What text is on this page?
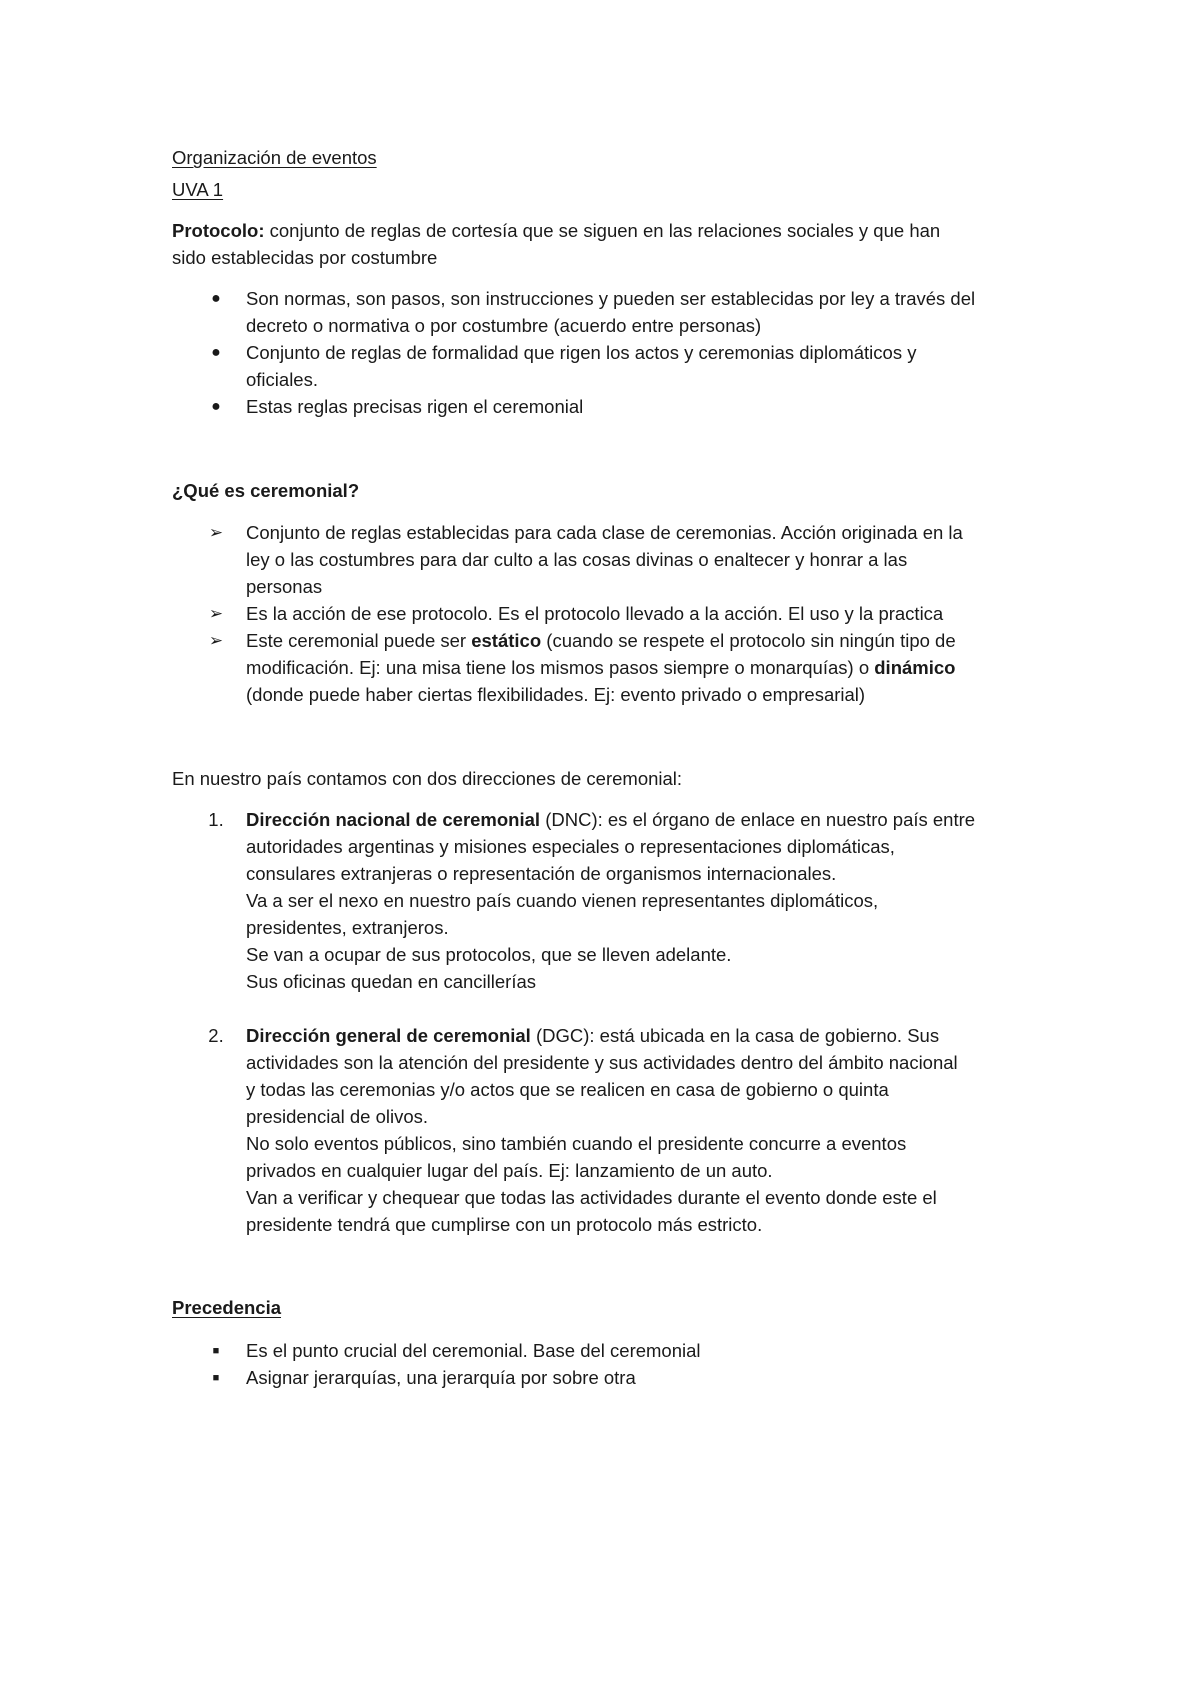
Organización de eventos
UVA 1
Protocolo: conjunto de reglas de cortesía que se siguen en las relaciones sociales y que han
sido establecidas por costumbre
●	Son normas, son pasos, son instrucciones y pueden ser establecidas por ley a través del
decreto o normativa o por costumbre (acuerdo entre personas)
●	Conjunto de reglas de formalidad que rigen los actos y ceremonias diplomáticos y
oficiales.
●	Estas reglas precisas rigen el ceremonial
¿Qué es ceremonial?
➢ Conjunto de reglas establecidas para cada clase de ceremonias. Acción originada en la
ley o las costumbres para dar culto a las cosas divinas o enaltecer y honrar a las
personas
➢ Es la acción de ese protocolo. Es el protocolo llevado a la acción. El uso y la practica
➢ Este ceremonial puede ser estático (cuando se respete el protocolo sin ningún tipo de
modificación. Ej: una misa tiene los mismos pasos siempre o monarquías) o dinámico
(donde puede haber ciertas flexibilidades. Ej: evento privado o empresarial)
En nuestro país contamos con dos direcciones de ceremonial:
1. Dirección nacional de ceremonial (DNC): es el órgano de enlace en nuestro país entre
autoridades argentinas y misiones especiales o representaciones diplomáticas,
consulares extranjeras o representación de organismos internacionales.
Va a ser el nexo en nuestro país cuando vienen representantes diplomáticos,
presidentes, extranjeros.
Se van a ocupar de sus protocolos, que se lleven adelante.
Sus oficinas quedan en cancillerías
2. Dirección general de ceremonial (DGC): está ubicada en la casa de gobierno. Sus
actividades son la atención del presidente y sus actividades dentro del ámbito nacional
y todas las ceremonias y/o actos que se realicen en casa de gobierno o quinta
presidencial de olivos.
No solo eventos públicos, sino también cuando el presidente concurre a eventos
privados en cualquier lugar del país. Ej: lanzamiento de un auto.
Van a verificar y chequear que todas las actividades durante el evento donde este el
presidente tendrá que cumplirse con un protocolo más estricto.
Precedencia
■	Es el punto crucial del ceremonial. Base del ceremonial
■	Asignar jerarquías, una jerarquía por sobre otra
